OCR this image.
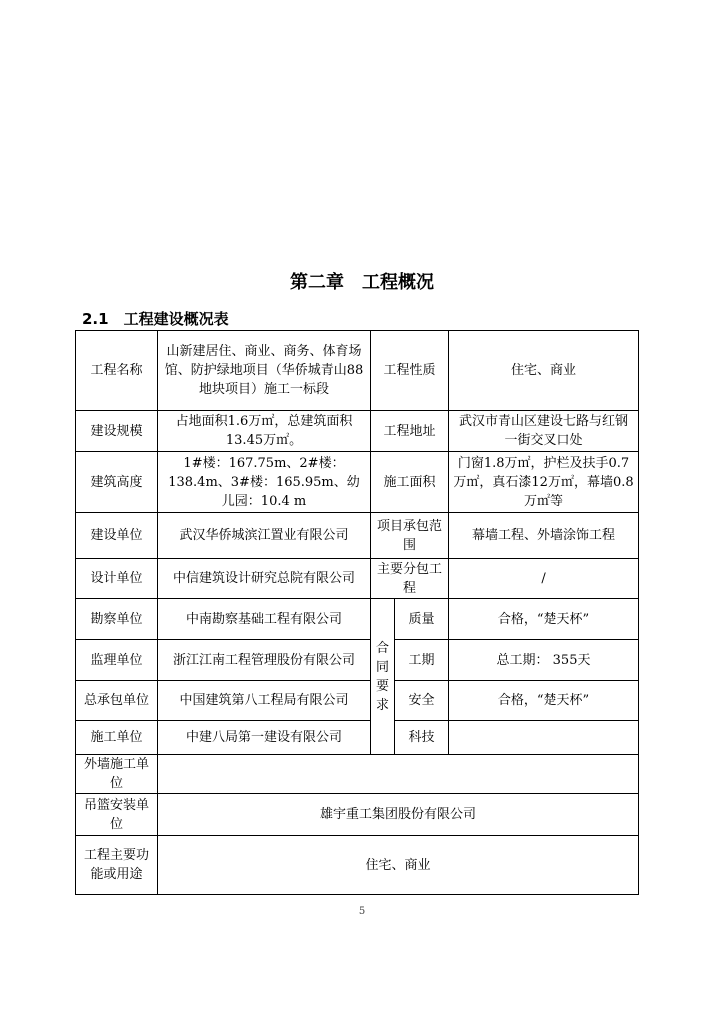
第二章　工程概况
2.1　工程建设概况表
工程名称	山新建居住、商业、商务、体育场馆、防护绿地项目（华侨城青山88地块项目）施工一标段	工程性质		住宅、商业
建设规模	占地面积1.6万㎡，总建筑面积13.45万㎡。	工程地址		武汉市青山区建设七路与红钢一街交叉口处
建筑高度	1#楼：167.75m、2#楼：138.4m、3#楼：165.95m、幼儿园：10.4 m	施工面积		门窗1.8万㎡，护栏及扶手0.7万㎡，真石漆12万㎡，幕墙0.8万㎡等
建设单位	武汉华侨城滨江置业有限公司	项目承包范围		幕墙工程、外墙涂饰工程
设计单位	中信建筑设计研究总院有限公司	主要分包工程		/
勘察单位	中南勘察基础工程有限公司	合同要求	质量	合格，“楚天杯”
监理单位	浙江江南工程管理股份有限公司		工期	总工期： 355天
总承包单位	中国建筑第八工程局有限公司		安全	合格，“楚天杯”
施工单位	中建八局第一建设有限公司		科技	
外墙施工单位				
吊篮安装单位	雄宇重工集团股份有限公司			
工程主要功能或用途	住宅、商业			
5
